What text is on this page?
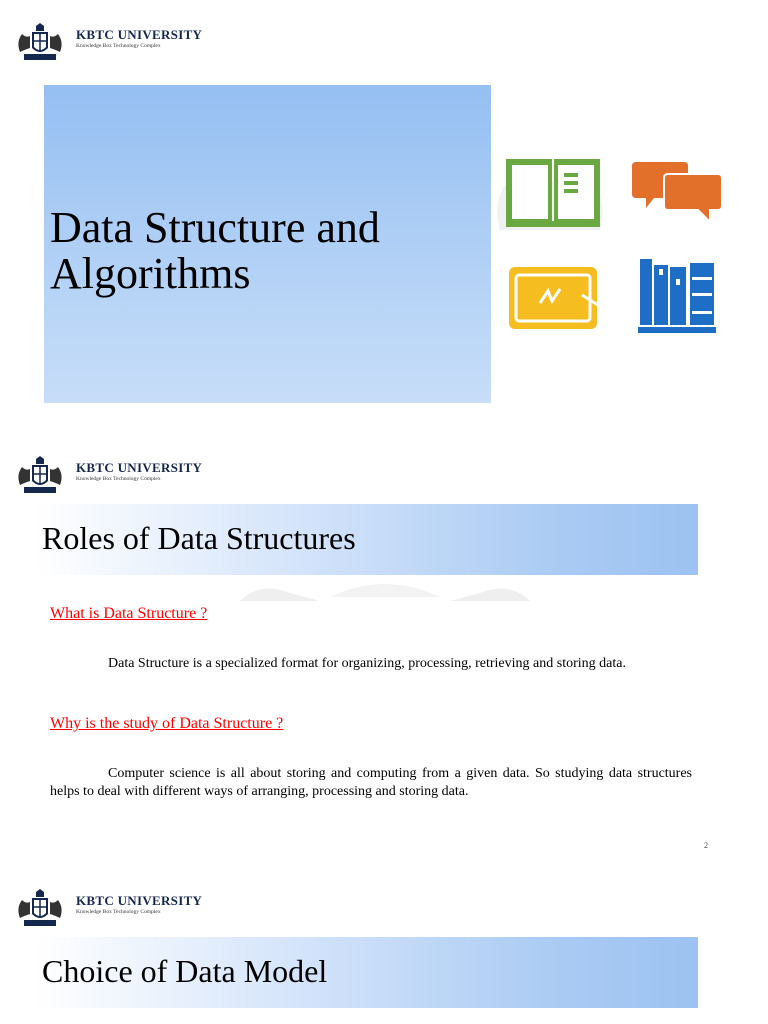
KBTC UNIVERSITY
Knowledge Box Technology Complex
Data Structure and
Algorithms
KBTC UNIVERSITY
Knowledge Box Technology Complex
Roles of Data Structures
What is Data Structure ?
Data Structure is a specialized format for organizing, processing, retrieving and storing data.
Why is the study of Data Structure ?
Computer science is all about storing and computing from a given data. So studying data structures helps to deal with different ways of arranging, processing and storing data.
2
KBTC UNIVERSITY
Knowledge Box Technology Complex
Choice of Data Model
